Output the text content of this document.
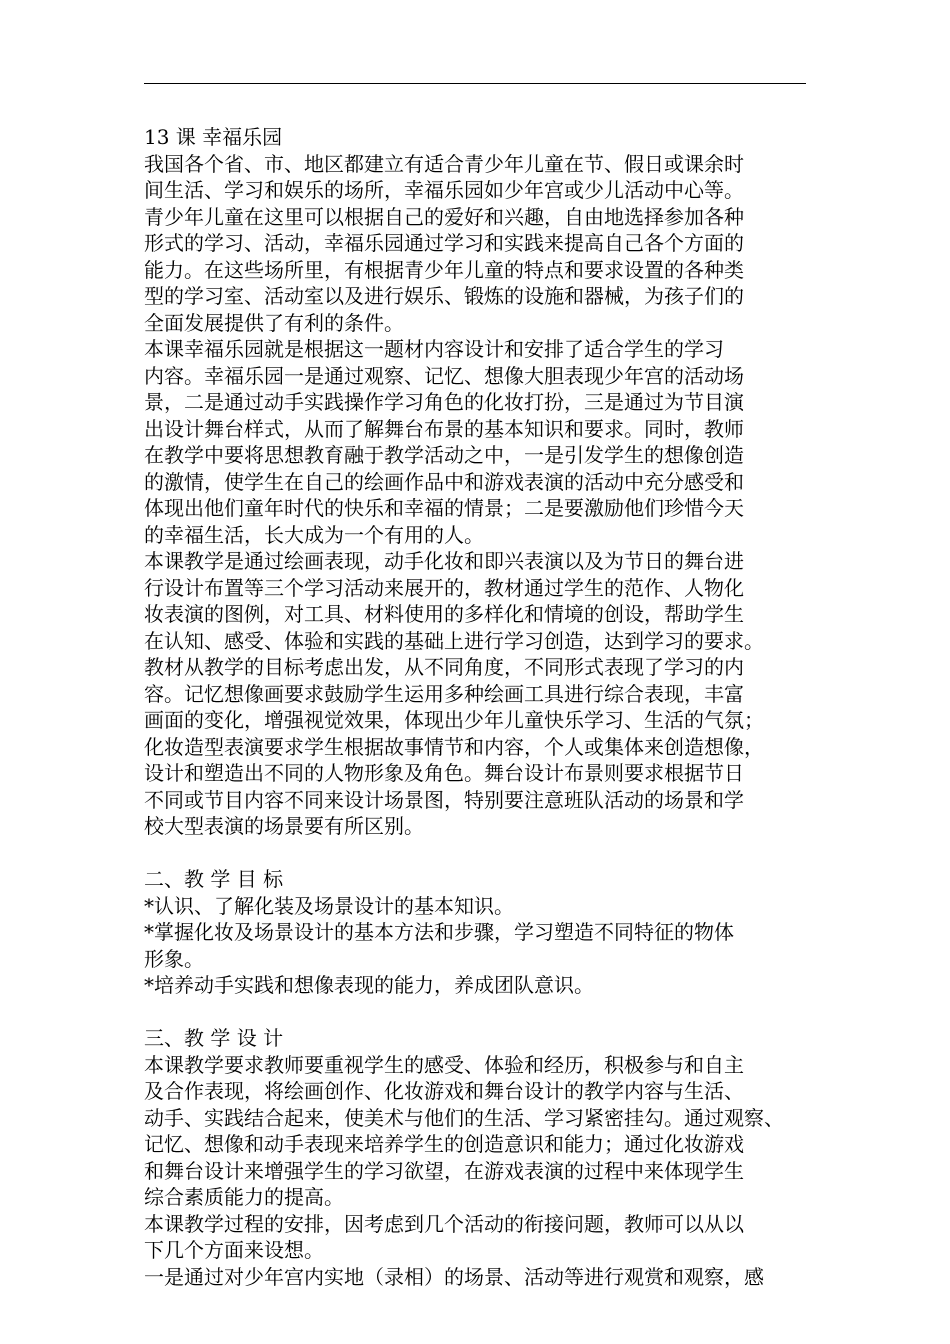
13 课 幸福乐园
我国各个省、市、地区都建立有适合青少年儿童在节、假日或课余时
间生活、学习和娱乐的场所，幸福乐园如少年宫或少儿活动中心等。
青少年儿童在这里可以根据自己的爱好和兴趣，自由地选择参加各种
形式的学习、活动，幸福乐园通过学习和实践来提高自己各个方面的
能力。在这些场所里，有根据青少年儿童的特点和要求设置的各种类
型的学习室、活动室以及进行娱乐、锻炼的设施和器械，为孩子们的
全面发展提供了有利的条件。
本课幸福乐园就是根据这一题材内容设计和安排了适合学生的学习
内容。幸福乐园一是通过观察、记忆、想像大胆表现少年宫的活动场
景，二是通过动手实践操作学习角色的化妆打扮，三是通过为节目演
出设计舞台样式，从而了解舞台布景的基本知识和要求。同时，教师
在教学中要将思想教育融于教学活动之中，一是引发学生的想像创造
的激情，使学生在自己的绘画作品中和游戏表演的活动中充分感受和
体现出他们童年时代的快乐和幸福的情景；二是要激励他们珍惜今天
的幸福生活，长大成为一个有用的人。
本课教学是通过绘画表现，动手化妆和即兴表演以及为节日的舞台进
行设计布置等三个学习活动来展开的，教材通过学生的范作、人物化
妆表演的图例，对工具、材料使用的多样化和情境的创设，帮助学生
在认知、感受、体验和实践的基础上进行学习创造，达到学习的要求。
教材从教学的目标考虑出发，从不同角度，不同形式表现了学习的内
容。记忆想像画要求鼓励学生运用多种绘画工具进行综合表现，丰富
画面的变化，增强视觉效果，体现出少年儿童快乐学习、生活的气氛；
化妆造型表演要求学生根据故事情节和内容，个人或集体来创造想像，
设计和塑造出不同的人物形象及角色。舞台设计布景则要求根据节日
不同或节目内容不同来设计场景图，特别要注意班队活动的场景和学
校大型表演的场景要有所区别。
二、教 学 目 标
*认识、了解化装及场景设计的基本知识。
*掌握化妆及场景设计的基本方法和步骤，学习塑造不同特征的物体
形象。
*培养动手实践和想像表现的能力，养成团队意识。
三、教 学 设 计
本课教学要求教师要重视学生的感受、体验和经历，积极参与和自主
及合作表现，将绘画创作、化妆游戏和舞台设计的教学内容与生活、
动手、实践结合起来，使美术与他们的生活、学习紧密挂勾。通过观察、
记忆、想像和动手表现来培养学生的创造意识和能力；通过化妆游戏
和舞台设计来增强学生的学习欲望，在游戏表演的过程中来体现学生
综合素质能力的提高。
本课教学过程的安排，因考虑到几个活动的衔接问题，教师可以从以
下几个方面来设想。
一是通过对少年宫内实地（录相）的场景、活动等进行观赏和观察，感
